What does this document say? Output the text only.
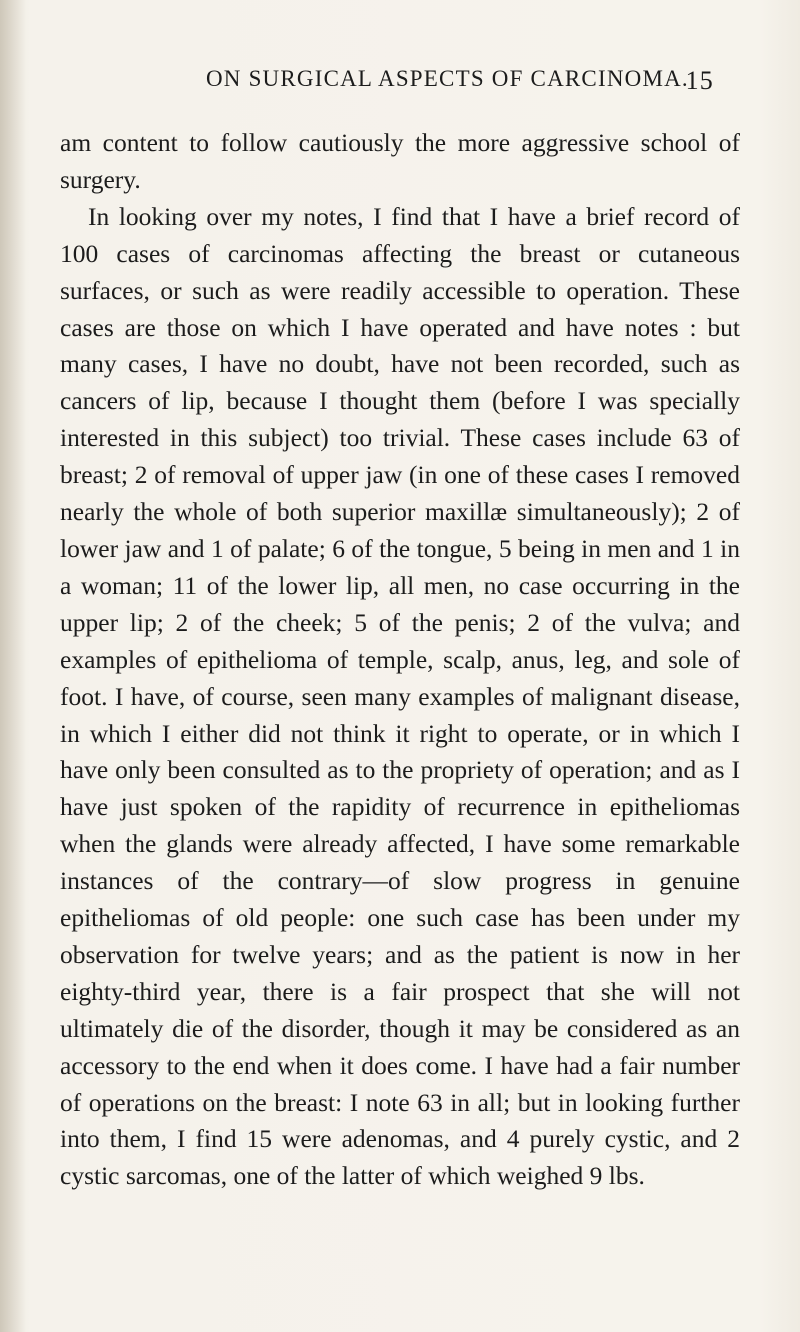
ON SURGICAL ASPECTS OF CARCINOMA.
15

am content to follow cautiously the more aggressive school of surgery.

In looking over my notes, I find that I have a brief record of 100 cases of carcinomas affecting the breast or cutaneous surfaces, or such as were readily accessible to operation. These cases are those on which I have operated and have notes : but many cases, I have no doubt, have not been recorded, such as cancers of lip, because I thought them (before I was specially interested in this subject) too trivial. These cases include 63 of breast; 2 of removal of upper jaw (in one of these cases I removed nearly the whole of both superior maxillæ simultaneously); 2 of lower jaw and 1 of palate; 6 of the tongue, 5 being in men and 1 in a woman; 11 of the lower lip, all men, no case occurring in the upper lip; 2 of the cheek; 5 of the penis; 2 of the vulva; and examples of epithelioma of temple, scalp, anus, leg, and sole of foot. I have, of course, seen many examples of malignant disease, in which I either did not think it right to operate, or in which I have only been consulted as to the propriety of operation; and as I have just spoken of the rapidity of recurrence in epitheliomas when the glands were already affected, I have some remarkable instances of the contrary—of slow progress in genuine epitheliomas of old people: one such case has been under my observation for twelve years; and as the patient is now in her eighty-third year, there is a fair prospect that she will not ultimately die of the disorder, though it may be considered as an accessory to the end when it does come. I have had a fair number of operations on the breast: I note 63 in all; but in looking further into them, I find 15 were adenomas, and 4 purely cystic, and 2 cystic sarcomas, one of the latter of which weighed 9 lbs.
